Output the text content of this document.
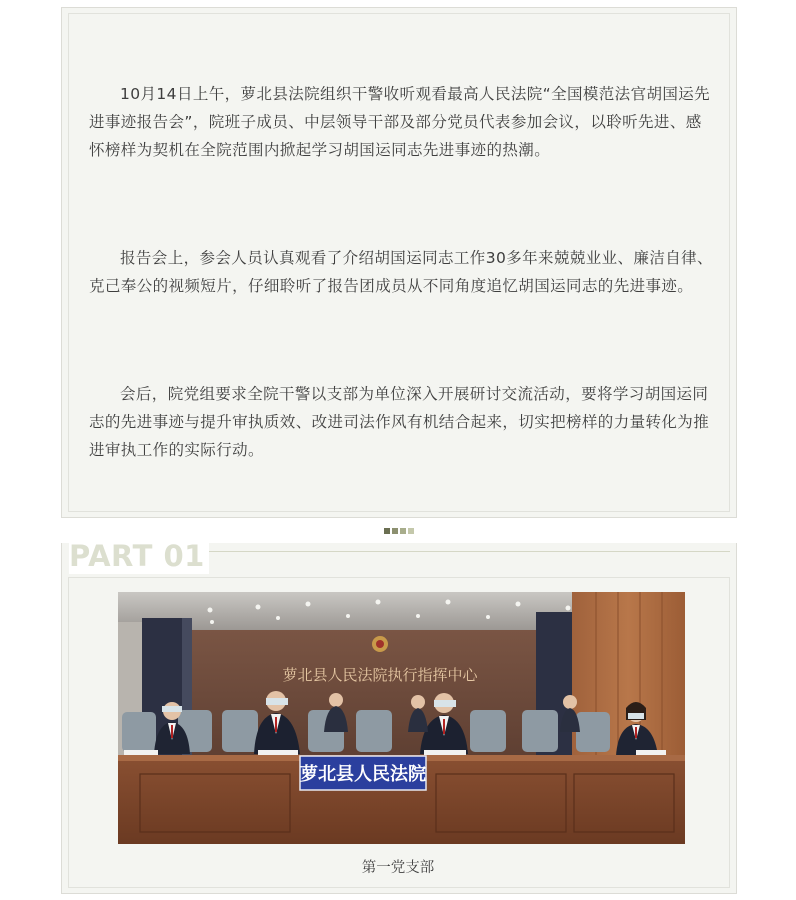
10月14日上午，萝北县法院组织干警收听观看最高人民法院“全国模范法官胡国运先进事迹报告会”，院班子成员、中层领导干部及部分党员代表参加会议，以聆听先进、感怀榜样为契机在全院范围内掀起学习胡国运同志先进事迹的热潮。

报告会上，参会人员认真观看了介绍胡国运同志工作30多年来兢兢业业、廉洁自律、克己奉公的视频短片，仔细聆听了报告团成员从不同角度追忆胡国运同志的先进事迹。

会后，院党组要求全院干警以支部为单位深入开展研讨交流活动，要将学习胡国运同志的先进事迹与提升审执质效、改进司法作风有机结合起来，切实把榜样的力量转化为推进审执工作的实际行动。

PART 01
萝北县人民法院执行指挥中心
萝北县人民法院
第一党支部
